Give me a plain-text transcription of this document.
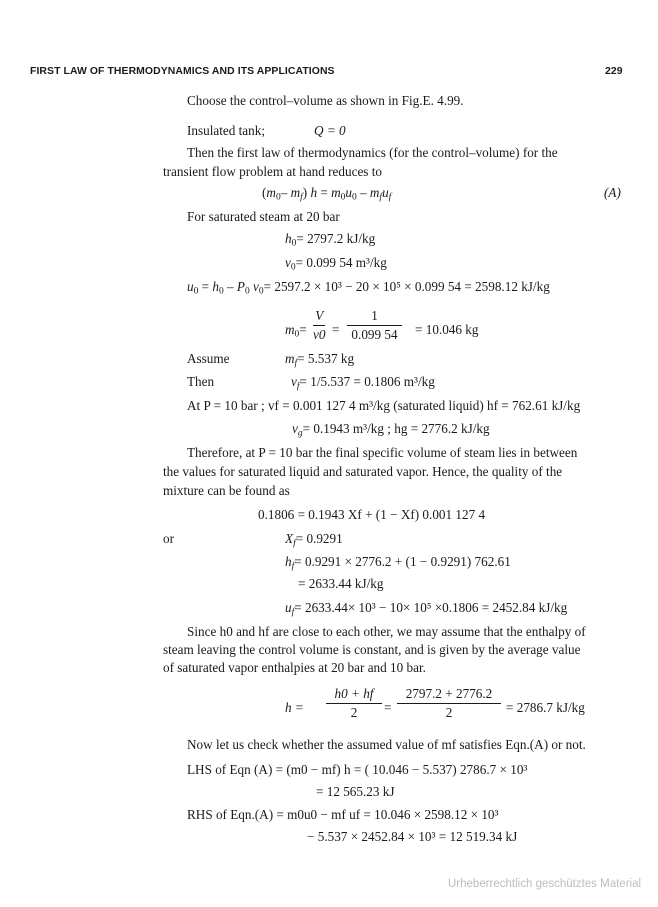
FIRST LAW OF THERMODYNAMICS AND ITS APPLICATIONS	229
Choose the control–volume as shown in Fig.E. 4.99.
Insulated tank;	Q = 0
Then the first law of thermodynamics (for the control–volume) for the
transient flow problem at hand reduces to
($m_0-$ $m_f$) $h = m_0u_0 - m_fu_f$	(A)
For saturated steam at 20 bar
$h_0= 2797.2$ kJ/kg
$v_0= 0.099$ 54 m³/kg
$u_0 = h_0 - P_0$ $v_0= 2597.2 \times 10^3 - 20 \times 10^5 \times 0.099$ 54 = 2598.12 kJ/kg
$m_0= \frac{V}{v0} = \frac{1}{0.099 54} = 10.046$ kg
Assume	$m_f= 5.537$ kg
Then	$v_f= 1/5.537 = 0.1806$ m³/kg
At P = 10 bar ; vf = 0.001 127 4 m³/kg (saturated liquid) hf = 762.61 kJ/kg
$v_g= 0.1943$ m³/kg ; hg = 2776.2 kJ/kg
Therefore, at P = 10 bar the final specific volume of steam lies in between
the values for saturated liquid and saturated vapor. Hence, the quality of the
mixture can be found as
0.1806 = 0.1943 Xf + (1 − Xf) 0.001 127 4
or	$X_f= 0.9291$
$h_f= 0.9291 \times 2776.2 + (1 - 0.9291)$ 762.61
= 2633.44 kJ/kg
$u_f= 2633.44\times 10^3 - 10\times 10^5 \times 0.1806 = 2452.84$ kJ/kg
Since h0 and hf are close to each other, we may assume that the enthalpy of
steam leaving the control volume is constant, and is given by the average value
of saturated vapor enthalpies at 20 bar and 10 bar.
$h = \frac{h0 + hf}{2} = \frac{2797.2 + 2776.2}{2} = 2786.7$ kJ/kg
Now let us check whether the assumed value of mf satisfies Eqn.(A) or not.
LHS of Eqn (A) = (m0 − mf) h = ( 10.046 − 5.537) 2786.7 × 10³
= 12 565.23 kJ
RHS of Eqn.(A) = m0u0 − mf uf = 10.046 × 2598.12 × 10³
− 5.537 × 2452.84 × 10³ = 12 519.34 kJ
Urheberrechtlich geschütztes Material
